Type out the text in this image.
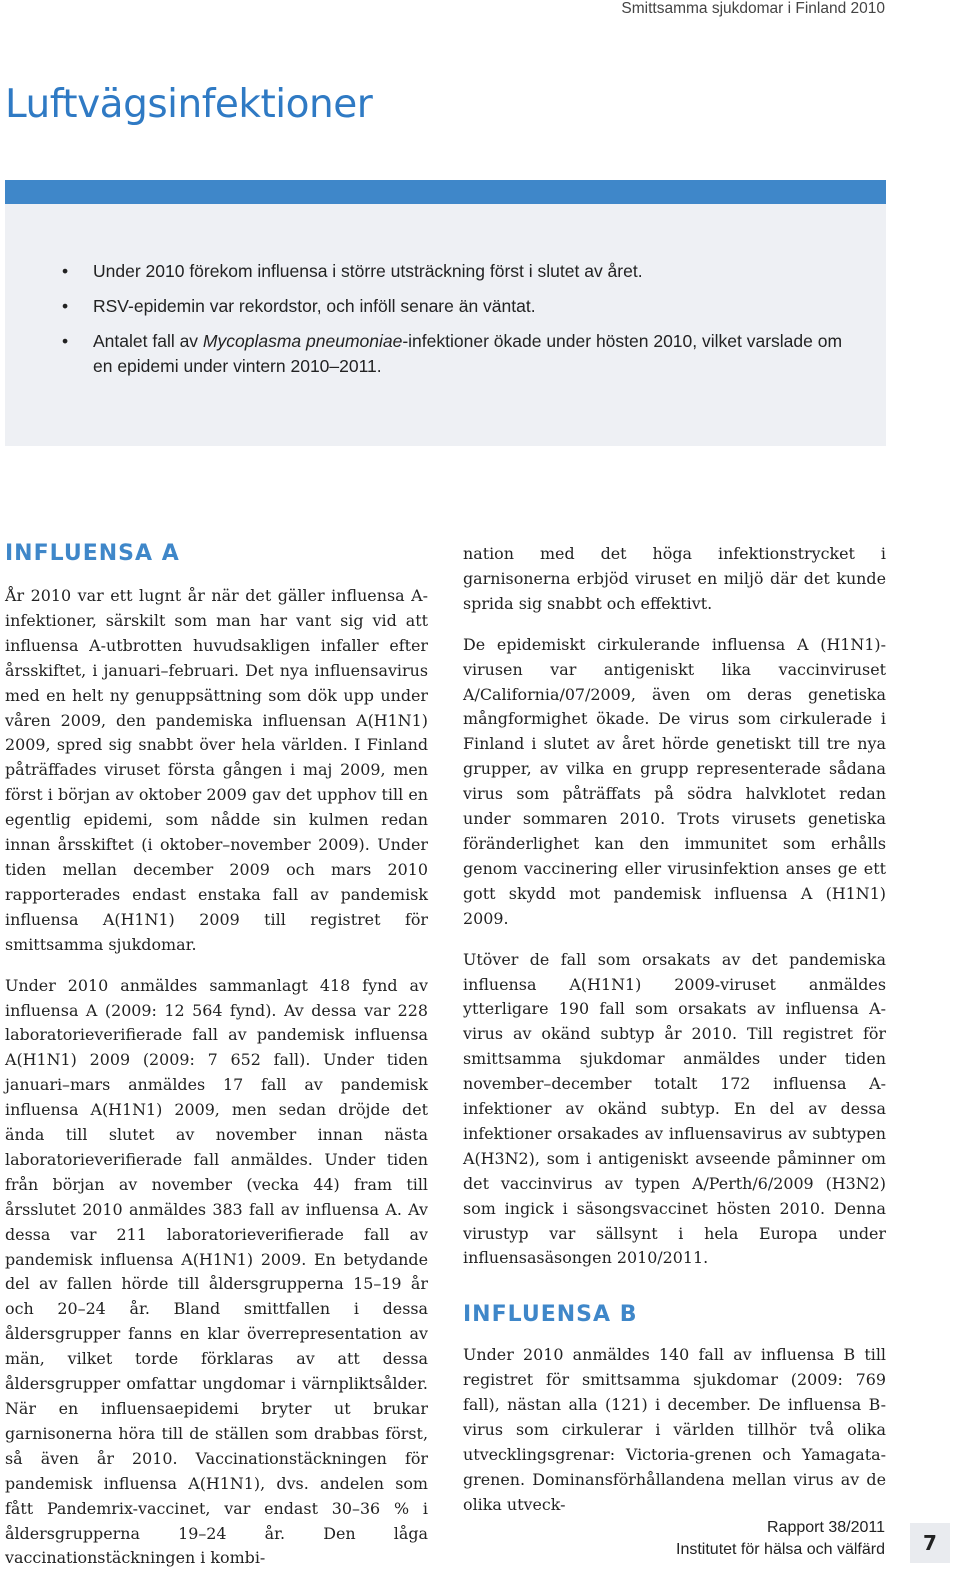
Smittsamma sjukdomar i Finland 2010
Luftvägsinfektioner
• Under 2010 förekom influensa i större utsträckning först i slutet av året.
• RSV-epidemin var rekordstor, och inföll senare än väntat.
• Antalet fall av Mycoplasma pneumoniae-infektioner ökade under hösten 2010, vilket varslade om en epidemi under vintern 2010–2011.
INFLUENSA A

År 2010 var ett lugnt år när det gäller influensa A-infektioner, särskilt som man har vant sig vid att influensa A-utbrotten huvudsakligen infaller efter årsskiftet, i januari–februari. Det nya influensavirus med en helt ny genuppsättning som dök upp under våren 2009, den pandemiska influensan A(H1N1) 2009, spred sig snabbt över hela världen. I Finland påträffades viruset första gången i maj 2009, men först i början av oktober 2009 gav det upphov till en egentlig epidemi, som nådde sin kulmen redan innan årsskiftet (i oktober–november 2009). Under tiden mellan december 2009 och mars 2010 rapporterades endast enstaka fall av pandemisk influensa A(H1N1) 2009 till registret för smittsamma sjukdomar.

Under 2010 anmäldes sammanlagt 418 fynd av influensa A (2009: 12 564 fynd). Av dessa var 228 laboratorieverifierade fall av pandemisk influensa A(H1N1) 2009 (2009: 7 652 fall). Under tiden januari–mars anmäldes 17 fall av pandemisk influensa A(H1N1) 2009, men sedan dröjde det ända till slutet av november innan nästa laboratorieverifierade fall anmäldes. Under tiden från början av november (vecka 44) fram till årsslutet 2010 anmäldes 383 fall av influensa A. Av dessa var 211 laboratorieverifierade fall av pandemisk influensa A(H1N1) 2009. En betydande del av fallen hörde till åldersgrupperna 15–19 år och 20–24 år. Bland smittfallen i dessa åldersgrupper fanns en klar överrepresentation av män, vilket torde förklaras av att dessa åldersgrupper omfattar ungdomar i värnpliktsålder. När en influensaepidemi bryter ut brukar garnisonerna höra till de ställen som drabbas först, så även år 2010. Vaccinationstäckningen för pandemisk influensa A(H1N1), dvs. andelen som fått Pandemrix-vaccinet, var endast 30–36 % i åldersgrupperna 19–24 år. Den låga vaccinationstäckningen i kombi-

nation med det höga infektionstrycket i garnisonerna erbjöd viruset en miljö där det kunde sprida sig snabbt och effektivt.

De epidemiskt cirkulerande influensa A (H1N1)-virusen var antigeniskt lika vaccinviruset A/California/07/2009, även om deras genetiska mångformighet ökade. De virus som cirkulerade i Finland i slutet av året hörde genetiskt till tre nya grupper, av vilka en grupp representerade sådana virus som påträffats på södra halvklotet redan under sommaren 2010. Trots virusets genetiska föränderlighet kan den immunitet som erhålls genom vaccinering eller virusinfektion anses ge ett gott skydd mot pandemisk influensa A (H1N1) 2009.

Utöver de fall som orsakats av det pandemiska influensa A(H1N1) 2009-viruset anmäldes ytterligare 190 fall som orsakats av influensa A-virus av okänd subtyp år 2010. Till registret för smittsamma sjukdomar anmäldes under tiden november–december totalt 172 influensa A-infektioner av okänd subtyp. En del av dessa infektioner orsakades av influensavirus av subtypen A(H3N2), som i antigeniskt avseende påminner om det vaccinvirus av typen A/Perth/6/2009 (H3N2) som ingick i säsongsvaccinet hösten 2010. Denna virustyp var sällsynt i hela Europa under influensasäsongen 2010/2011.

INFLUENSA B

Under 2010 anmäldes 140 fall av influensa B till registret för smittsamma sjukdomar (2009: 769 fall), nästan alla (121) i december. De influensa B-virus som cirkulerar i världen tillhör två olika utvecklingsgrenar: Victoria-grenen och Yamagata-grenen. Dominansförhållandena mellan virus av de olika utveck-

Rapport 38/2011
Institutet för hälsa och välfärd	7
